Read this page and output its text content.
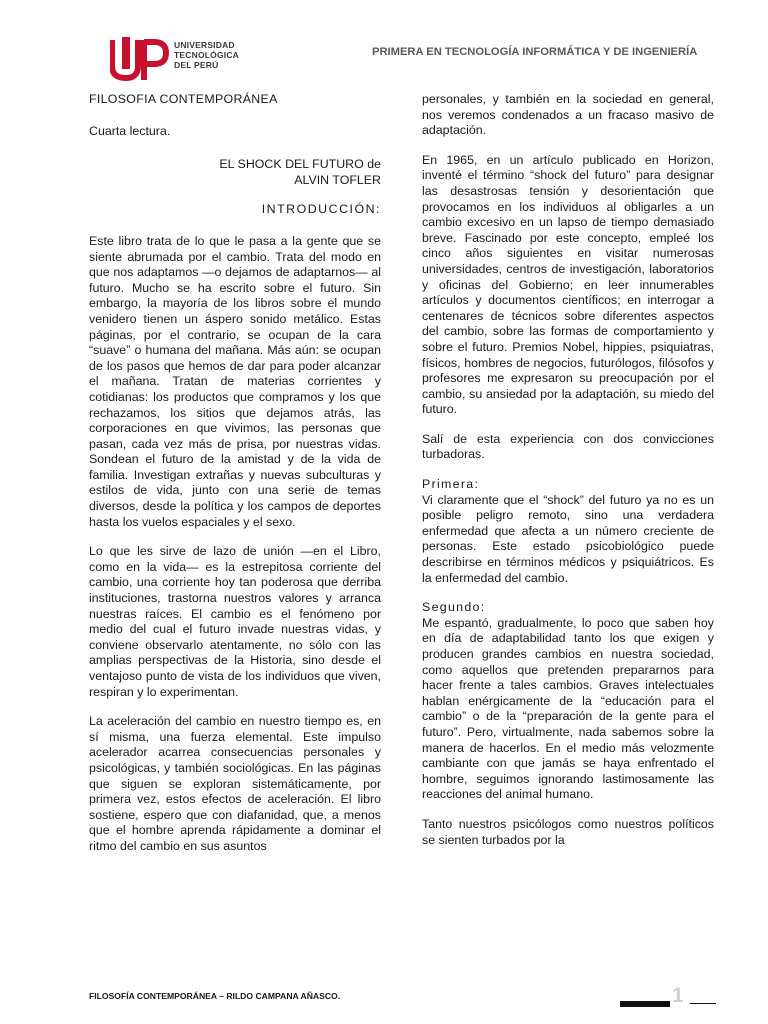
UNIVERSIDAD
TECNOLÓGICA
DEL PERÚ
PRIMERA EN TECNOLOGÍA INFORMÁTICA Y DE INGENIERÍA

FILOSOFIA CONTEMPORÁNEA

Cuarta lectura.

EL SHOCK DEL FUTURO de
ALVIN TOFLER

INTRODUCCIÓN:

Este libro trata de lo que le pasa a la gente que se siente abrumada por el cambio. Trata del modo en que nos adaptamos —o dejamos de adaptarnos— al futuro. Mucho se ha escrito sobre el futuro. Sin embargo, la mayoría de los libros sobre el mundo venidero tienen un áspero sonido metálico. Estas páginas, por el contrario, se ocupan de la cara “suave” o humana del mañana. Más aún: se ocupan de los pasos que hemos de dar para poder alcanzar el mañana. Tratan de materias corrientes y cotidianas: los productos que compramos y los que rechazamos, los sitios que dejamos atrás, las corporaciones en que vivimos, las personas que pasan, cada vez más de prisa, por nuestras vidas. Sondean el futuro de la amistad y de la vida de familia. Investigan extrañas y nuevas subculturas y estilos de vida, junto con una serie de temas diversos, desde la política y los campos de deportes hasta los vuelos espaciales y el sexo.

Lo que les sirve de lazo de unión —en el Libro, como en la vida— es la estrepitosa corriente del cambio, una corriente hoy tan poderosa que derriba instituciones, trastorna nuestros valores y arranca nuestras raíces. El cambio es el fenómeno por medio del cual el futuro invade nuestras vidas, y conviene observarlo atentamente, no sólo con las amplias perspectivas de la Historia, sino desde el ventajoso punto de vista de los individuos que viven, respiran y lo experimentan.

La aceleración del cambio en nuestro tiempo es, en sí misma, una fuerza elemental. Este impulso acelerador acarrea consecuencias personales y psicológicas, y también sociológicas. En las páginas que siguen se exploran sistemáticamente, por primera vez, estos efectos de aceleración. El libro sostiene, espero que con diafanidad, que, a menos que el hombre aprenda rápidamente a dominar el ritmo del cambio en sus asuntos

personales, y también en la sociedad en general, nos veremos condenados a un fracaso masivo de adaptación.

En 1965, en un artículo publicado en Horizon, inventé el término “shock del futuro” para designar las desastrosas tensión y desorientación que provocamos en los individuos al obligarles a un cambio excesivo en un lapso de tiempo demasiado breve. Fascinado por este concepto, empleé los cinco años siguientes en visitar numerosas universidades, centros de investigación, laboratorios y oficinas del Gobierno; en leer innumerables artículos y documentos científicos; en interrogar a centenares de técnicos sobre diferentes aspectos del cambio, sobre las formas de comportamiento y sobre el futuro. Premios Nobel, hippies, psiquiatras, físicos, hombres de negocios, futurólogos, filósofos y profesores me expresaron su preocupación por el cambio, su ansiedad por la adaptación, su miedo del futuro.

Salí de esta experiencia con dos convicciones turbadoras.

Primera:

Vi claramente que el “shock” del futuro ya no es un posible peligro remoto, sino una verdadera enfermedad que afecta a un número creciente de personas. Este estado psicobiológico puede describirse en términos médicos y psiquiátricos. Es la enfermedad del cambio.

Segundo:

Me espantó, gradualmente, lo poco que saben hoy en día de adaptabilidad tanto los que exigen y producen grandes cambios en nuestra sociedad, como aquellos que pretenden prepararnos para hacer frente a tales cambios. Graves intelectuales hablan enérgicamente de la “educación para el cambio” o de la “preparación de la gente para el futuro”. Pero, virtualmente, nada sabemos sobre la manera de hacerlos. En el medio más velozmente cambiante con que jamás se haya enfrentado el hombre, seguimos ignorando lastimosamente las reacciones del animal humano.

Tanto nuestros psicólogos como nuestros políticos se sienten turbados por la

FILOSOFÍA CONTEMPORÁNEA – RILDO CAMPANA AÑASCO.	1
